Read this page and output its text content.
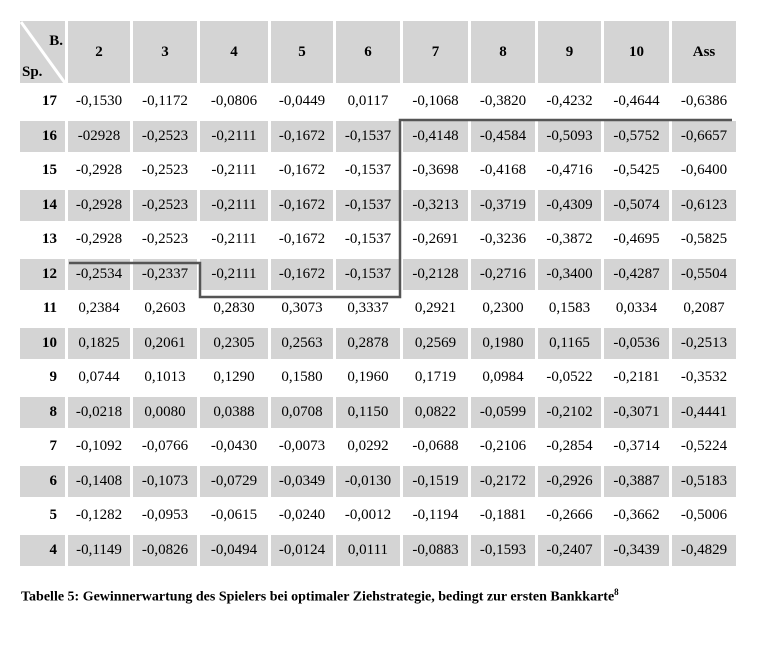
B.
Sp.	2	3	4	5	6	7	8	9	10	Ass
17	-0,1530	-0,1172	-0,0806	-0,0449	0,0117	-0,1068	-0,3820	-0,4232	-0,4644	-0,6386
16	-02928	-0,2523	-0,2111	-0,1672	-0,1537	-0,4148	-0,4584	-0,5093	-0,5752	-0,6657
15	-0,2928	-0,2523	-0,2111	-0,1672	-0,1537	-0,3698	-0,4168	-0,4716	-0,5425	-0,6400
14	-0,2928	-0,2523	-0,2111	-0,1672	-0,1537	-0,3213	-0,3719	-0,4309	-0,5074	-0,6123
13	-0,2928	-0,2523	-0,2111	-0,1672	-0,1537	-0,2691	-0,3236	-0,3872	-0,4695	-0,5825
12	-0,2534	-0,2337	-0,2111	-0,1672	-0,1537	-0,2128	-0,2716	-0,3400	-0,4287	-0,5504
11	0,2384	0,2603	0,2830	0,3073	0,3337	0,2921	0,2300	0,1583	0,0334	0,2087
10	0,1825	0,2061	0,2305	0,2563	0,2878	0,2569	0,1980	0,1165	-0,0536	-0,2513
9	0,0744	0,1013	0,1290	0,1580	0,1960	0,1719	0,0984	-0,0522	-0,2181	-0,3532
8	-0,0218	0,0080	0,0388	0,0708	0,1150	0,0822	-0,0599	-0,2102	-0,3071	-0,4441
7	-0,1092	-0,0766	-0,0430	-0,0073	0,0292	-0,0688	-0,2106	-0,2854	-0,3714	-0,5224
6	-0,1408	-0,1073	-0,0729	-0,0349	-0,0130	-0,1519	-0,2172	-0,2926	-0,3887	-0,5183
5	-0,1282	-0,0953	-0,0615	-0,0240	-0,0012	-0,1194	-0,1881	-0,2666	-0,3662	-0,5006
4	-0,1149	-0,0826	-0,0494	-0,0124	0,0111	-0,0883	-0,1593	-0,2407	-0,3439	-0,4829
Tabelle 5: Gewinnerwartung des Spielers bei optimaler Ziehstrategie, bedingt zur ersten Bankkarte$^8$
